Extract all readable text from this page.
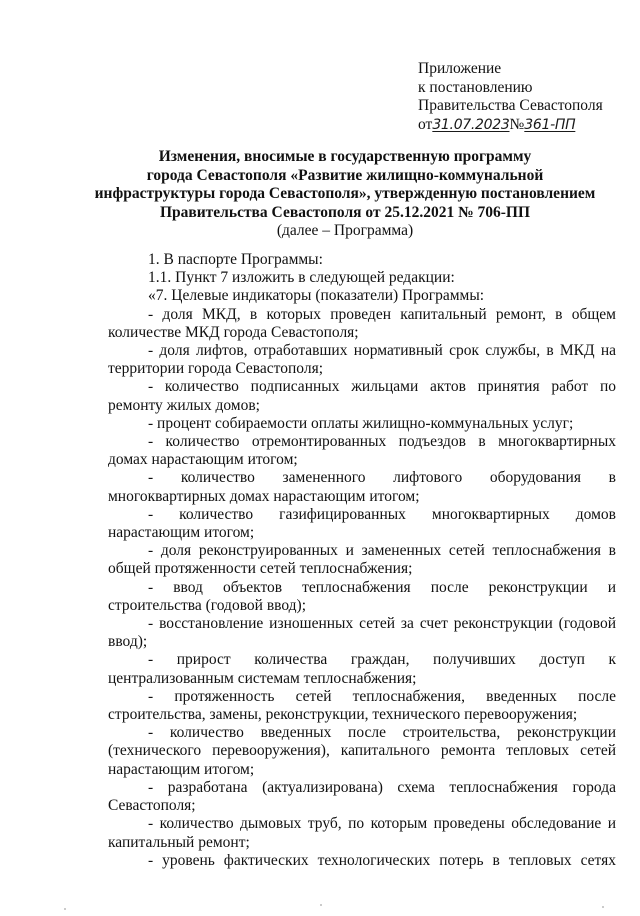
Приложение
к постановлению
Правительства Севастополя
от31.07.2023№361-ПП
Изменения, вносимые в государственную программу
города Севастополя «Развитие жилищно-коммунальной
инфраструктуры города Севастополя», утвержденную постановлением
Правительства Севастополя от 25.12.2021 № 706-ПП
(далее – Программа)

1. В паспорте Программы:

1.1. Пункт 7 изложить в следующей редакции:

«7. Целевые индикаторы (показатели) Программы:

- доля МКД, в которых проведен капитальный ремонт, в общем количестве МКД города Севастополя;

- доля лифтов, отработавших нормативный срок службы, в МКД на территории города Севастополя;

- количество подписанных жильцами актов принятия работ по ремонту жилых домов;

- процент собираемости оплаты жилищно-коммунальных услуг;

- количество отремонтированных подъездов в многоквартирных домах нарастающим итогом;

- количество замененного лифтового оборудования в многоквартирных домах нарастающим итогом;

- количество газифицированных многоквартирных домов нарастающим итогом;

- доля реконструированных и замененных сетей теплоснабжения в общей протяженности сетей теплоснабжения;

- ввод объектов теплоснабжения после реконструкции и строительства (годовой ввод);

- восстановление изношенных сетей за счет реконструкции (годовой ввод);

- прирост количества граждан, получивших доступ к централизованным системам теплоснабжения;

- протяженность сетей теплоснабжения, введенных после строительства, замены, реконструкции, технического перевооружения;

- количество введенных после строительства, реконструкции (технического перевооружения), капитального ремонта тепловых сетей нарастающим итогом;

- разработана (актуализирована) схема теплоснабжения города Севастополя;

- количество дымовых труб, по которым проведены обследование и капитальный ремонт;

- уровень фактических технологических потерь в тепловых сетях
